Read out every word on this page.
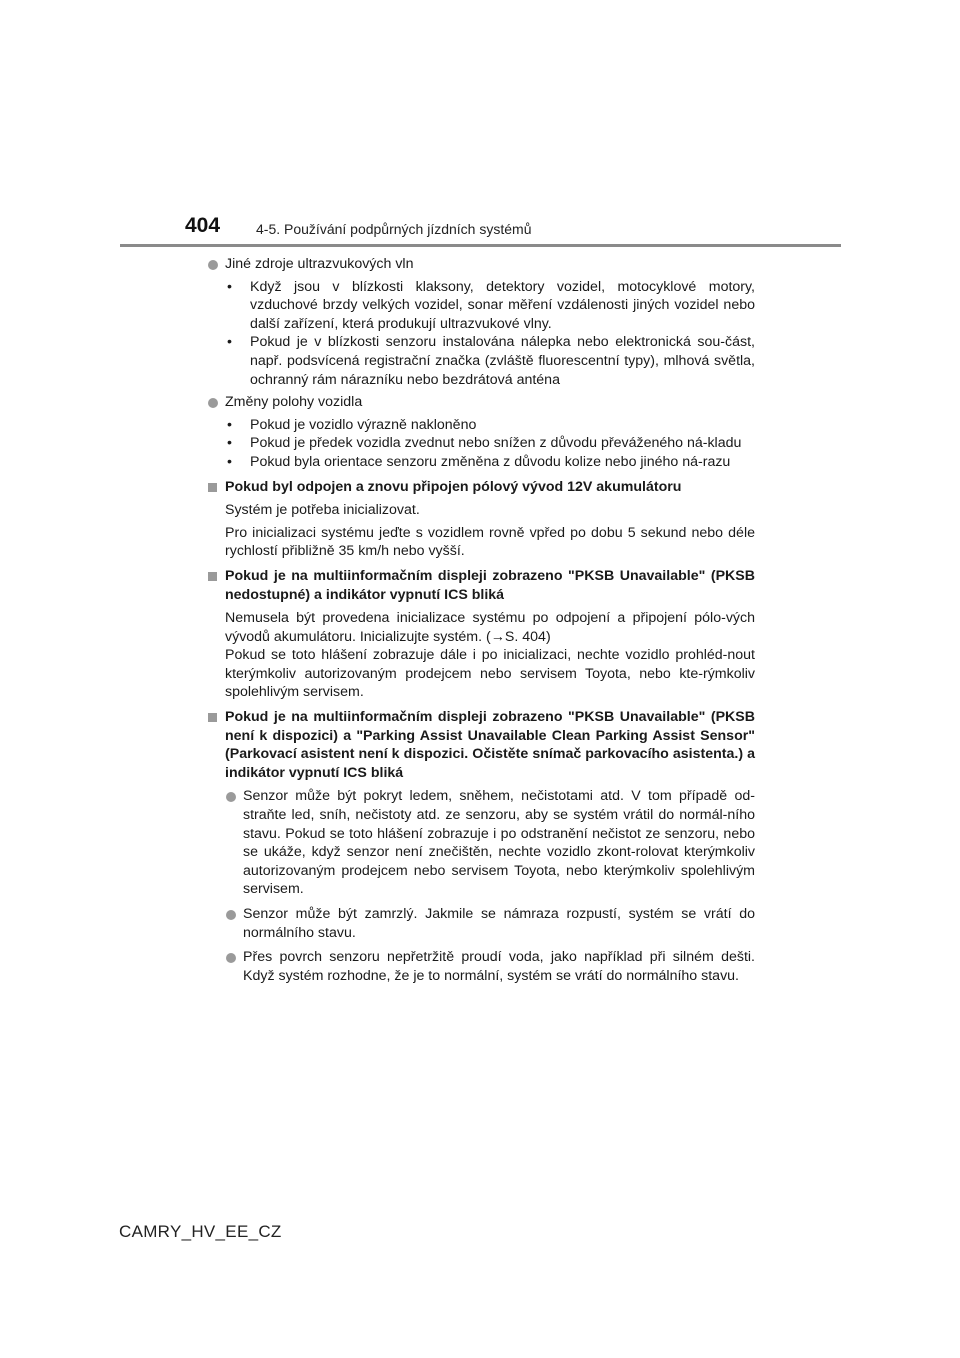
404	4-5. Používání podpůrných jízdních systémů
Jiné zdroje ultrazvukových vln
• Když jsou v blízkosti klaksony, detektory vozidel, motocyklové motory, vzduchové brzdy velkých vozidel, sonar měření vzdálenosti jiných vozidel nebo další zařízení, která produkují ultrazvukové vlny.
• Pokud je v blízkosti senzoru instalována nálepka nebo elektronická sou-část, např. podsvícená registrační značka (zvláště fluorescentní typy), mlhová světla, ochranný rám nárazníku nebo bezdrátová anténa
Změny polohy vozidla
• Pokud je vozidlo výrazně nakloněno
• Pokud je předek vozidla zvednut nebo snížen z důvodu převáženého ná-kladu
• Pokud byla orientace senzoru změněna z důvodu kolize nebo jiného ná-razu
Pokud byl odpojen a znovu připojen pólový vývod 12V akumulátoru
Systém je potřeba inicializovat.
Pro inicializaci systému jeďte s vozidlem rovně vpřed po dobu 5 sekund nebo déle rychlostí přibližně 35 km/h nebo vyšší.
Pokud je na multiinformačním displeji zobrazeno "PKSB Unavailable" (PKSB nedostupné) a indikátor vypnutí ICS bliká
Nemusela být provedena inicializace systému po odpojení a připojení pólo-vých vývodů akumulátoru. Inicializujte systém. (→S. 404)
Pokud se toto hlášení zobrazuje dále i po inicializaci, nechte vozidlo prohléd-nout kterýmkoliv autorizovaným prodejcem nebo servisem Toyota, nebo kte-rýmkoliv spolehlivým servisem.
Pokud je na multiinformačním displeji zobrazeno "PKSB Unavailable" (PKSB není k dispozici) a "Parking Assist Unavailable Clean Parking Assist Sensor" (Parkovací asistent není k dispozici. Očistěte snímač parkovacího asistenta.) a indikátor vypnutí ICS bliká
Senzor může být pokryt ledem, sněhem, nečistotami atd. V tom případě od-straňte led, sníh, nečistoty atd. ze senzoru, aby se systém vrátil do normál-ního stavu. Pokud se toto hlášení zobrazuje i po odstranění nečistot ze senzoru, nebo se ukáže, když senzor není znečištěn, nechte vozidlo zkont-rolovat kterýmkoliv autorizovaným prodejcem nebo servisem Toyota, nebo kterýmkoliv spolehlivým servisem.
Senzor může být zamrzlý. Jakmile se námraza rozpustí, systém se vrátí do normálního stavu.
Přes povrch senzoru nepřetržitě proudí voda, jako například při silném dešti. Když systém rozhodne, že je to normální, systém se vrátí do normálního stavu.
CAMRY_HV_EE_CZ
